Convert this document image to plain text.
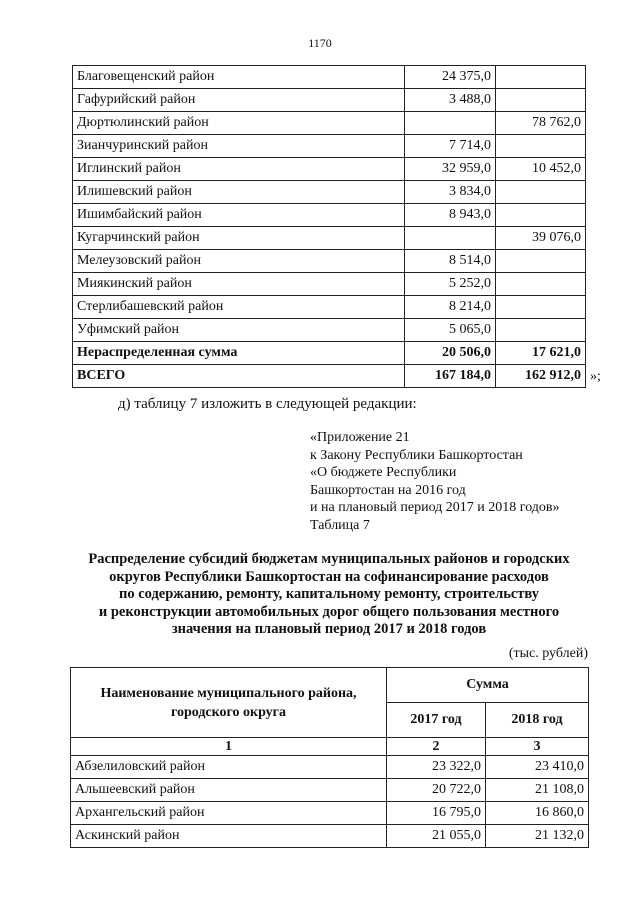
1170
Благовещенский район	24 375,0	
Гафурийский район	3 488,0	
Дюртюлинский район		78 762,0
Зианчуринский район	7 714,0	
Иглинский район	32 959,0	10 452,0
Илишевский район	3 834,0	
Ишимбайский район	8 943,0	
Кугарчинский район		39 076,0
Мелеузовский район	8 514,0	
Миякинский район	5 252,0	
Стерлибашевский район	8 214,0	
Уфимский район	5 065,0	
Нераспределенная сумма	20 506,0	17 621,0
ВСЕГО	167 184,0	162 912,0 »;
д) таблицу 7 изложить в следующей редакции:
«Приложение 21
к Закону Республики Башкортостан
«О бюджете Республики
Башкортостан на 2016 год
и на плановый период 2017 и 2018 годов»
Таблица 7
Распределение субсидий бюджетам муниципальных районов и городских
округов Республики Башкортостан на софинансирование расходов
по содержанию, ремонту, капитальному ремонту, строительству
и реконструкции автомобильных дорог общего пользования местного
значения на плановый период 2017 и 2018 годов
(тыс. рублей)
Наименование муниципального района, городского округа	Сумма	
	2017 год	2018 год
1	2	3
Абзелиловский район	23 322,0	23 410,0
Альшеевский район	20 722,0	21 108,0
Архангельский район	16 795,0	16 860,0
Аскинский район	21 055,0	21 132,0
